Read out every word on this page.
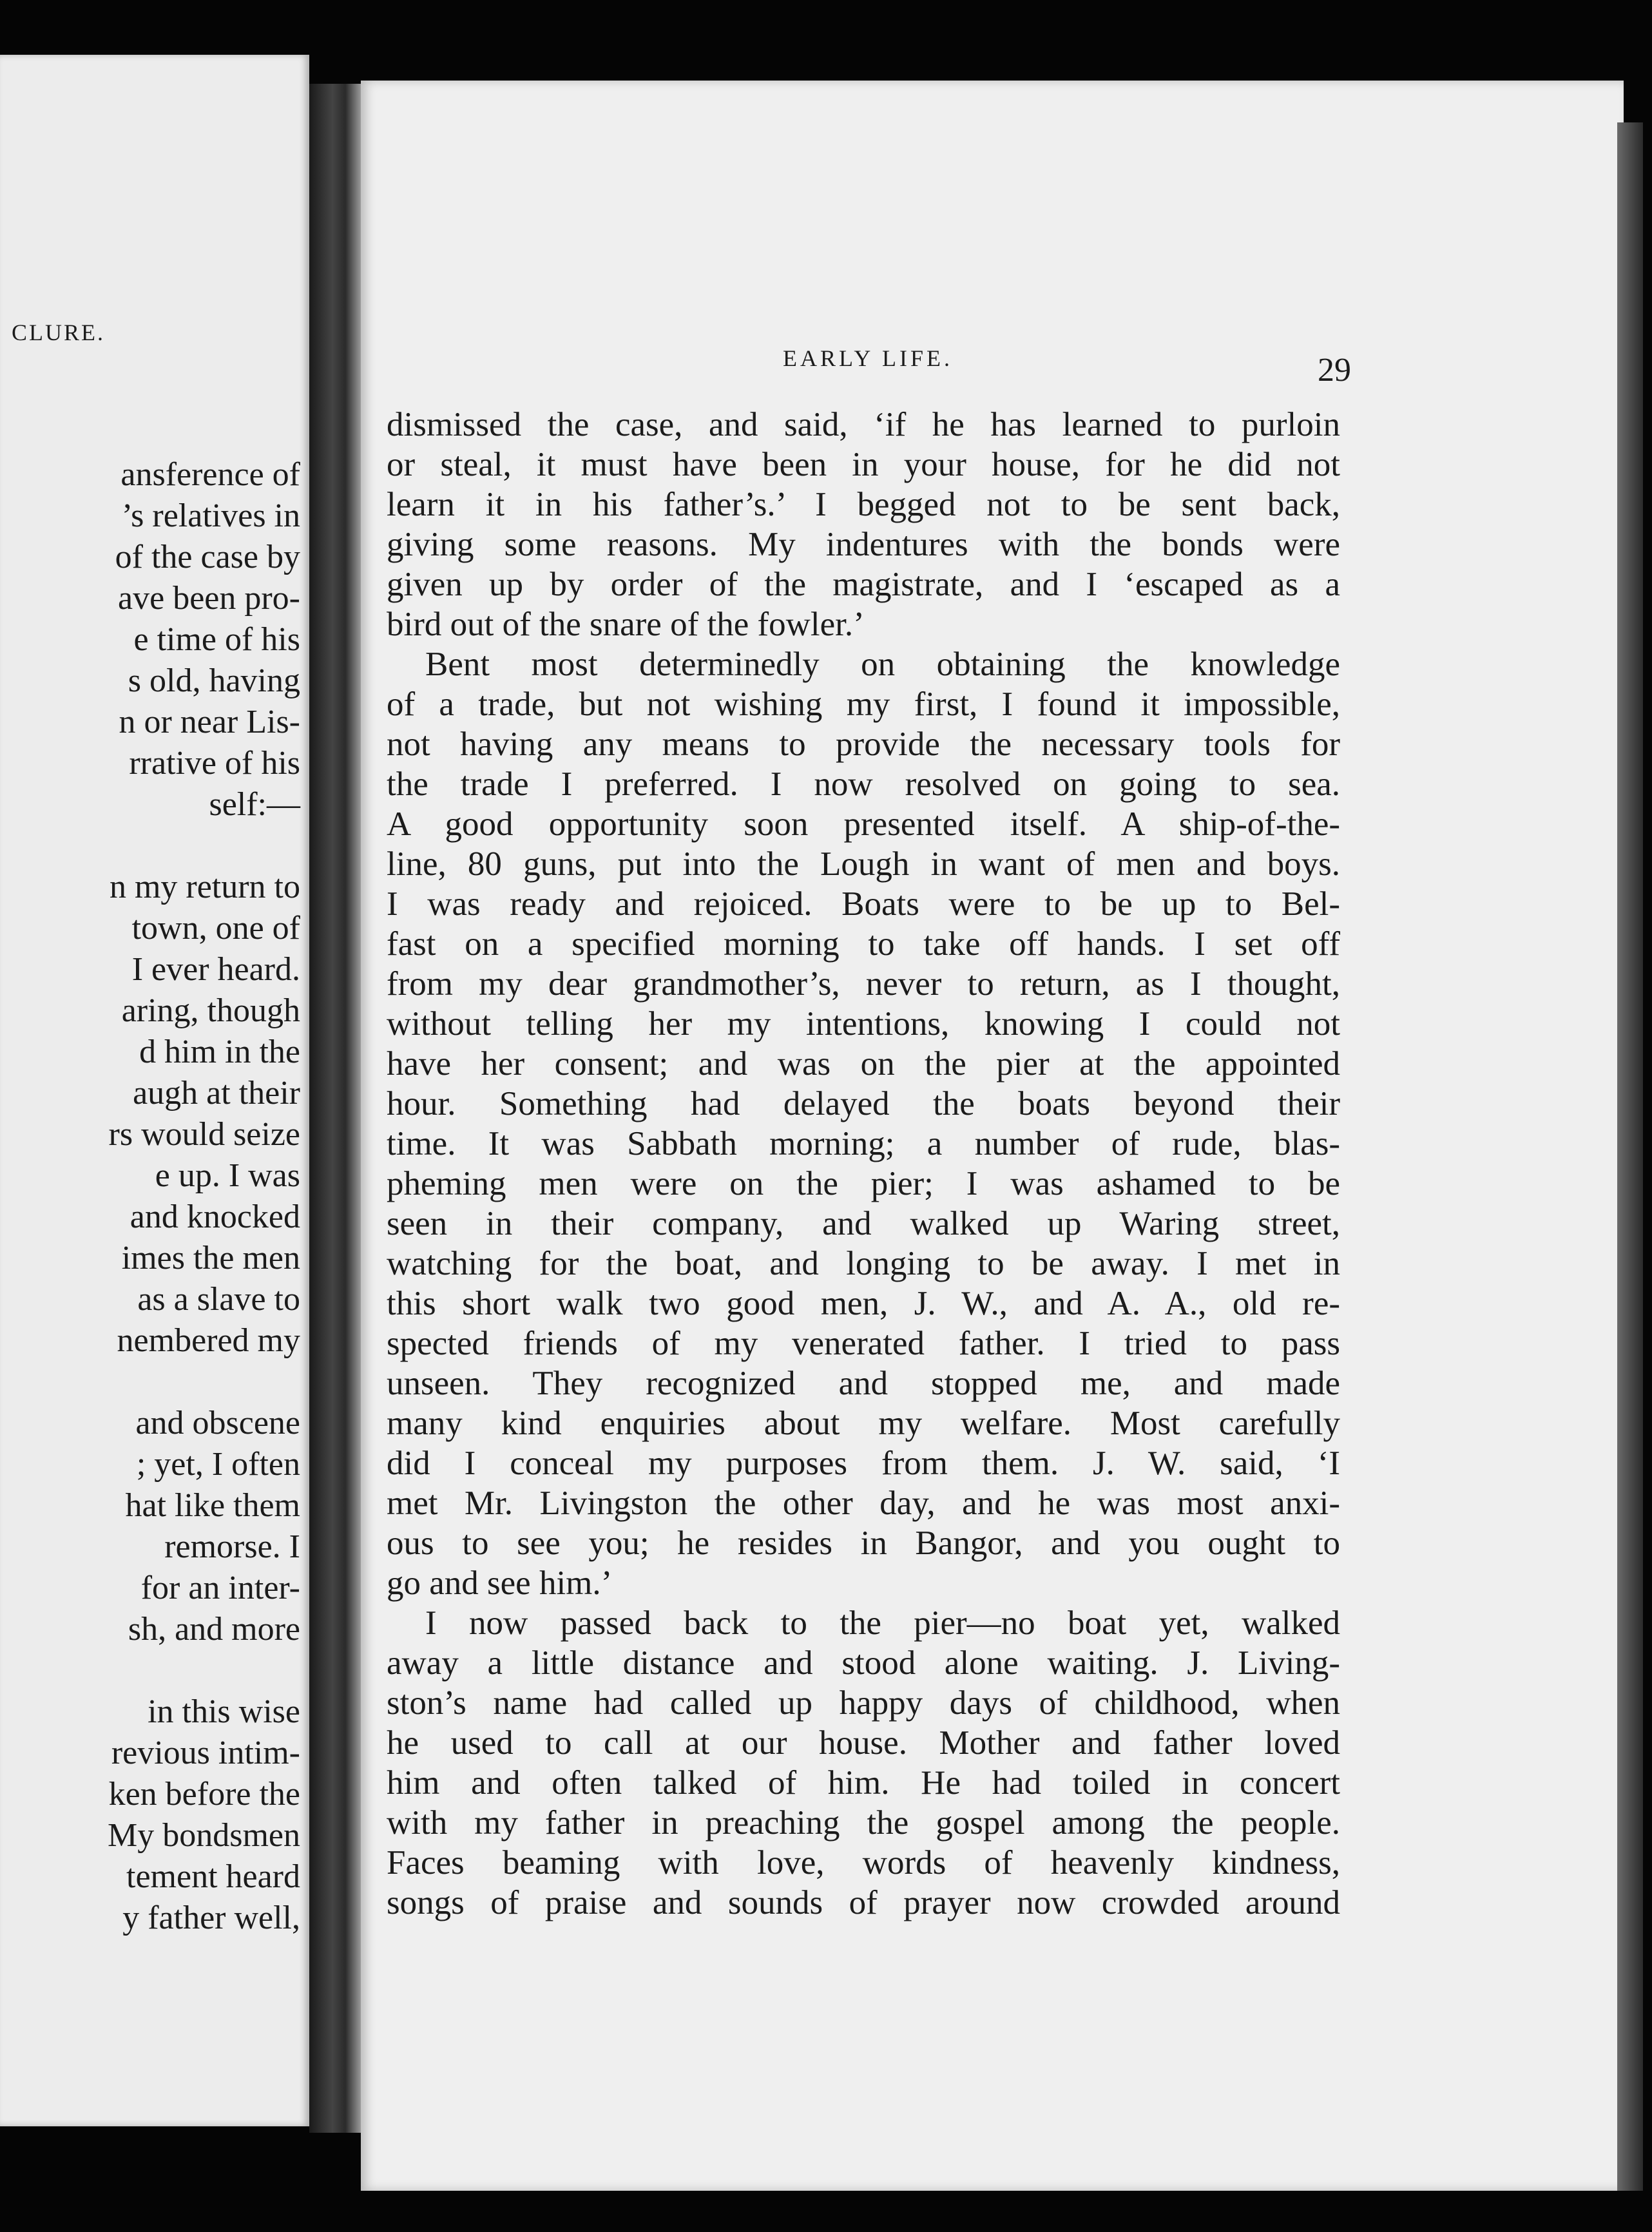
CLURE.
ansference of
’s relatives in
of the case by
ave been pro-
e time of his
s old, having
n or near Lis-
rrative of his
self:—
n my return to
town, one of
I ever heard.
aring, though
d him in the
augh at their
rs would seize
e up. I was
and knocked
imes the men
as a slave to
nembered my
and obscene
; yet, I often
hat like them
remorse. I
for an inter-
sh, and more
in this wise
revious intim-
ken before the
My bondsmen
tement heard
y father well,
EARLY LIFE.	29
dismissed the case, and said, ‘if he has learned to purloin
or steal, it must have been in your house, for he did not
learn it in his father’s.’ I begged not to be sent back,
giving some reasons. My indentures with the bonds were
given up by order of the magistrate, and I ‘escaped as a
bird out of the snare of the fowler.’
Bent most determinedly on obtaining the knowledge
of a trade, but not wishing my first, I found it impossible,
not having any means to provide the necessary tools for
the trade I preferred. I now resolved on going to sea.
A good opportunity soon presented itself. A ship-of-the-
line, 80 guns, put into the Lough in want of men and boys.
I was ready and rejoiced. Boats were to be up to Bel-
fast on a specified morning to take off hands. I set off
from my dear grandmother’s, never to return, as I thought,
without telling her my intentions, knowing I could not
have her consent; and was on the pier at the appointed
hour. Something had delayed the boats beyond their
time. It was Sabbath morning; a number of rude, blas-
pheming men were on the pier; I was ashamed to be
seen in their company, and walked up Waring street,
watching for the boat, and longing to be away. I met in
this short walk two good men, J. W., and A. A., old re-
spected friends of my venerated father. I tried to pass
unseen. They recognized and stopped me, and made
many kind enquiries about my welfare. Most carefully
did I conceal my purposes from them. J. W. said, ‘I
met Mr. Livingston the other day, and he was most anxi-
ous to see you; he resides in Bangor, and you ought to
go and see him.’
I now passed back to the pier—no boat yet, walked
away a little distance and stood alone waiting. J. Living-
ston’s name had called up happy days of childhood, when
he used to call at our house. Mother and father loved
him and often talked of him. He had toiled in concert
with my father in preaching the gospel among the people.
Faces beaming with love, words of heavenly kindness,
songs of praise and sounds of prayer now crowded around
